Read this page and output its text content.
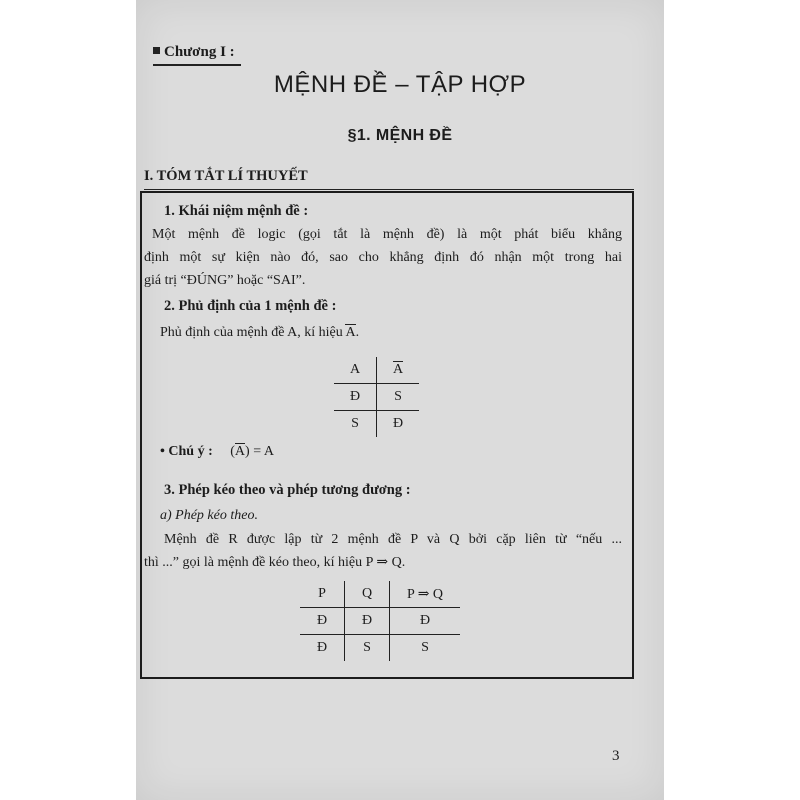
Chương I :
MỆNH ĐỀ – TẬP HỢP
§1. MỆNH ĐỀ
I. TÓM TẮT LÍ THUYẾT
1. Khái niệm mệnh đề :
Một mệnh đề logic (gọi tắt là mệnh đề) là một phát biểu khẳng
định một sự kiện nào đó, sao cho khẳng định đó nhận một trong hai
giá trị “ĐÚNG” hoặc “SAI”.
2. Phủ định của 1 mệnh đề :
Phủ định của mệnh đề A, kí hiệu A.
A	A
Đ	S
S	Đ
• Chú ý : (A) = A
3. Phép kéo theo và phép tương đương :
a) Phép kéo theo.
Mệnh đề R được lập từ 2 mệnh đề P và Q bởi cặp liên từ “nếu ...
thì ...” gọi là mệnh đề kéo theo, kí hiệu P ⇒ Q.
P	Q	P ⇒ Q
Đ	Đ	Đ
Đ	S	S
3
